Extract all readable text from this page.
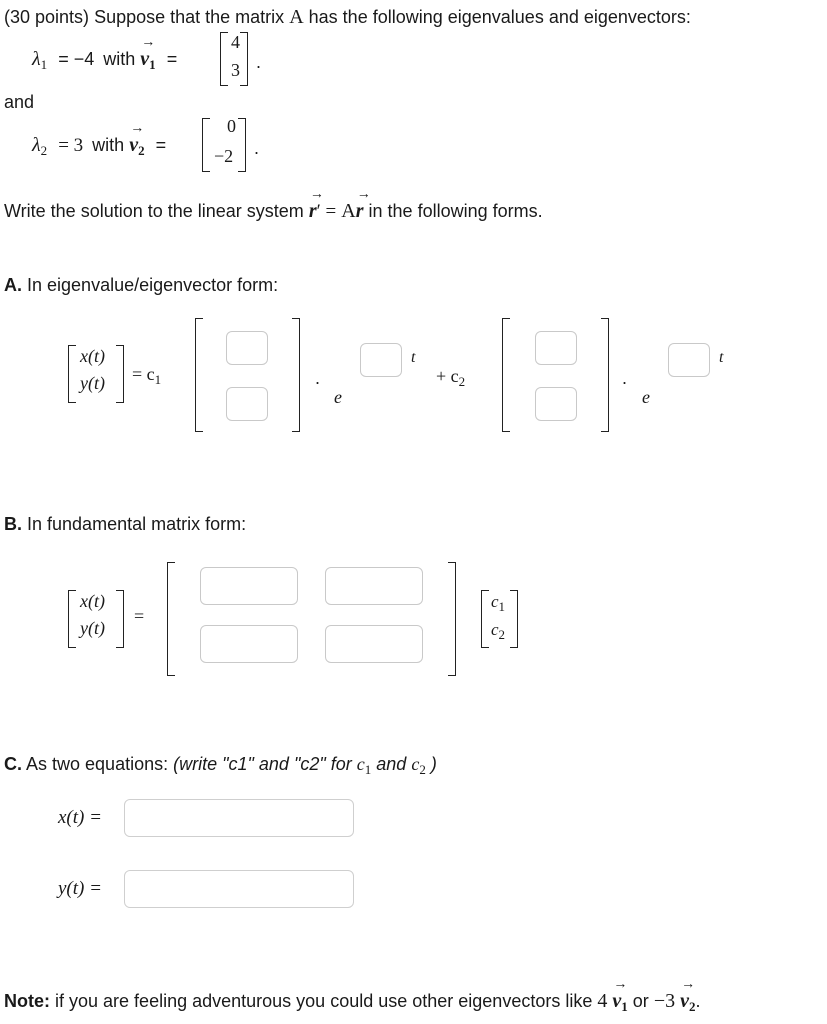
(30 points) Suppose that the matrix A has the following eigenvalues and eigenvectors:
$\lambda_1 = -4$ with → $v_1$ =
4
3 .
and
$\lambda_2 = 3$ with → $v_2$ =
0
−2 .
Write the solution to the linear system → r′ = A→ r in the following forms.
A. In eigenvalue/eigenvector form:
x(t)
$y(t) = c_1$	.
e
t
+ $c_2$	.
e
t
B. In fundamental matrix form:
x(t)
y(t)
=
$c_1$
$c_2$
C. As two equations: (write "c1" and "c2" for $c_1$ and $c_2$ )
x(t) =
y(t) =
Note: if you are feeling adventurous you could use other eigenvectors like $4 \to v_1$ or $-3 \to v_2$.
